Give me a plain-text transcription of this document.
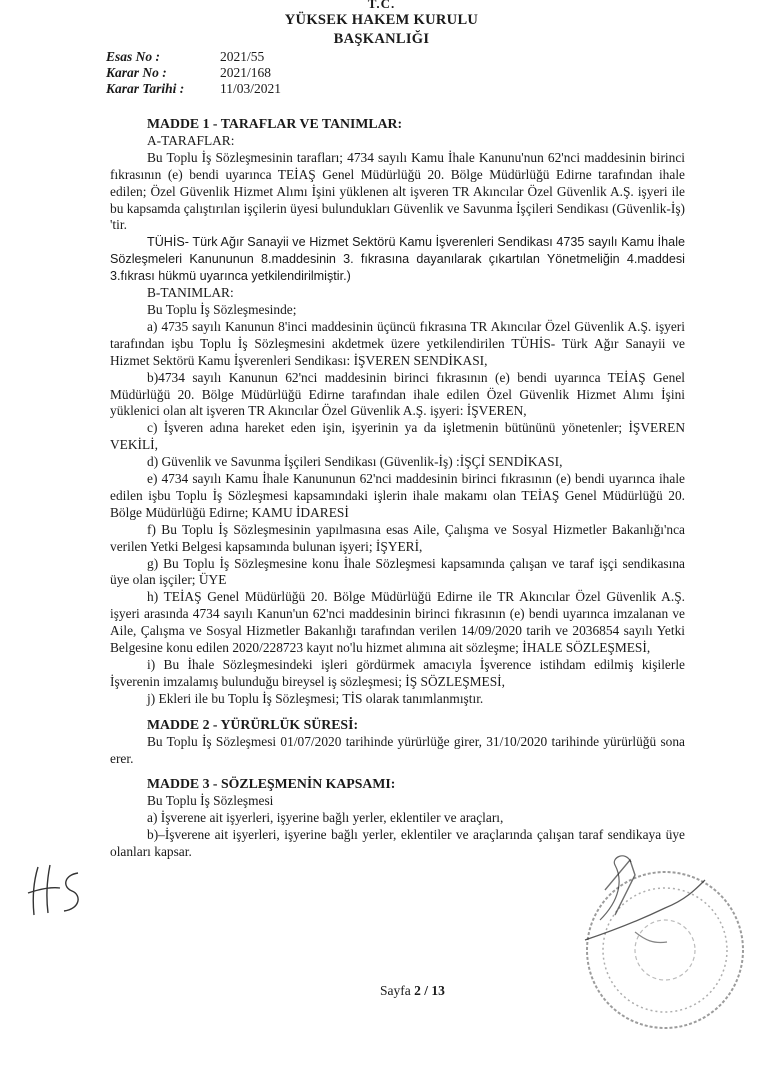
T.C.
YÜKSEK HAKEM KURULU
BAŞKANLIĞI
Esas No :	2021/55
Karar No :	2021/168
Karar Tarihi :	11/03/2021

MADDE 1 - TARAFLAR VE TANIMLAR:

A-TARAFLAR:

Bu Toplu İş Sözleşmesinin tarafları; 4734 sayılı Kamu İhale Kanunu'nun 62'nci maddesinin birinci fıkrasının (e) bendi uyarınca TEİAŞ Genel Müdürlüğü 20. Bölge Müdürlüğü Edirne tarafından ihale edilen; Özel Güvenlik Hizmet Alımı İşini yüklenen alt işveren TR Akıncılar Özel Güvenlik A.Ş. işyeri ile bu kapsamda çalıştırılan işçilerin üyesi bulundukları Güvenlik ve Savunma İşçileri Sendikası (Güvenlik-İş) 'tir.

TÜHİS- Türk Ağır Sanayii ve Hizmet Sektörü Kamu İşverenleri Sendikası 4735 sayılı Kamu İhale Sözleşmeleri Kanununun 8.maddesinin 3. fıkrasına dayanılarak çıkartılan Yönetmeliğin 4.maddesi 3.fıkrası hükmü uyarınca yetkilendirilmiştir.)

B-TANIMLAR:

Bu Toplu İş Sözleşmesinde;

a) 4735 sayılı Kanunun 8'inci maddesinin üçüncü fıkrasına TR Akıncılar Özel Güvenlik A.Ş. işyeri tarafından işbu Toplu İş Sözleşmesini akdetmek üzere yetkilendirilen TÜHİS- Türk Ağır Sanayii ve Hizmet Sektörü Kamu İşverenleri Sendikası: İŞVEREN SENDİKASI,

b)4734 sayılı Kanunun 62'nci maddesinin birinci fıkrasının (e) bendi uyarınca TEİAŞ Genel Müdürlüğü 20. Bölge Müdürlüğü Edirne tarafından ihale edilen Özel Güvenlik Hizmet Alımı İşini yüklenici olan alt işveren TR Akıncılar Özel Güvenlik A.Ş. işyeri: İŞVEREN,

c) İşveren adına hareket eden işin, işyerinin ya da işletmenin bütününü yönetenler; İŞVEREN VEKİLİ,

d) Güvenlik ve Savunma İşçileri Sendikası (Güvenlik-İş) :İŞÇİ SENDİKASI,

e) 4734 sayılı Kamu İhale Kanununun 62'nci maddesinin birinci fıkrasının (e) bendi uyarınca ihale edilen işbu Toplu İş Sözleşmesi kapsamındaki işlerin ihale makamı olan TEİAŞ Genel Müdürlüğü 20. Bölge Müdürlüğü Edirne; KAMU İDARESİ

f) Bu Toplu İş Sözleşmesinin yapılmasına esas Aile, Çalışma ve Sosyal Hizmetler Bakanlığı'nca verilen Yetki Belgesi kapsamında bulunan işyeri; İŞYERİ,

g) Bu Toplu İş Sözleşmesine konu İhale Sözleşmesi kapsamında çalışan ve taraf işçi sendikasına üye olan işçiler; ÜYE

h) TEİAŞ Genel Müdürlüğü 20. Bölge Müdürlüğü Edirne ile TR Akıncılar Özel Güvenlik A.Ş. işyeri arasında 4734 sayılı Kanun'un 62'nci maddesinin birinci fıkrasının (e) bendi uyarınca imzalanan ve Aile, Çalışma ve Sosyal Hizmetler Bakanlığı tarafından verilen 14/09/2020 tarih ve 2036854 sayılı Yetki Belgesine konu edilen 2020/228723 kayıt no'lu hizmet alımına ait sözleşme; İHALE SÖZLEŞMESİ,

i) Bu İhale Sözleşmesindeki işleri gördürmek amacıyla İşverence istihdam edilmiş kişilerle İşverenin imzalamış bulunduğu bireysel iş sözleşmesi; İŞ SÖZLEŞMESİ,

j) Ekleri ile bu Toplu İş Sözleşmesi; TİS olarak tanımlanmıştır.

MADDE 2 - YÜRÜRLÜK SÜRESİ:

Bu Toplu İş Sözleşmesi 01/07/2020 tarihinde yürürlüğe girer, 31/10/2020 tarihinde yürürlüğü sona erer.

MADDE 3 - SÖZLEŞMENİN KAPSAMI:

Bu Toplu İş Sözleşmesi

a) İşverene ait işyerleri, işyerine bağlı yerler, eklentiler ve araçları,

b)–İşverene ait işyerleri, işyerine bağlı yerler, eklentiler ve araçlarında çalışan taraf sendikaya üye olanları kapsar.

Sayfa 2 / 13
